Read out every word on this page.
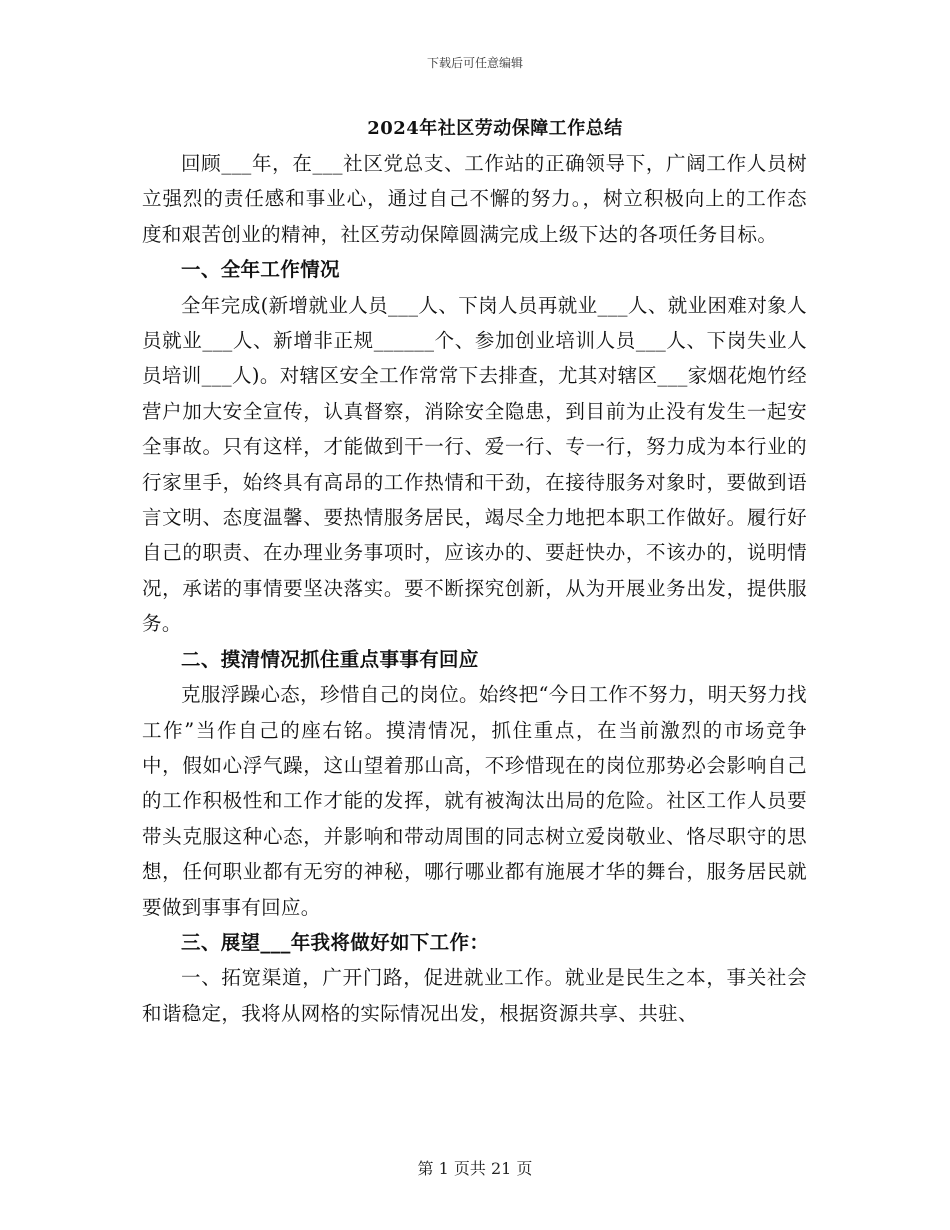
下载后可任意编辑
2024年社区劳动保障工作总结

回顾___年，在___社区党总支、工作站的正确领导下，广阔工作人员树立强烈的责任感和事业心，通过自己不懈的努力。，树立积极向上的工作态度和艰苦创业的精神，社区劳动保障圆满完成上级下达的各项任务目标。

一、全年工作情况

全年完成(新增就业人员___人、下岗人员再就业___人、就业困难对象人员就业___人、新增非正规______个、参加创业培训人员___人、下岗失业人员培训___人)。对辖区安全工作常常下去排查，尤其对辖区___家烟花炮竹经营户加大安全宣传，认真督察，消除安全隐患，到目前为止没有发生一起安全事故。只有这样，才能做到干一行、爱一行、专一行，努力成为本行业的行家里手，始终具有高昂的工作热情和干劲，在接待服务对象时，要做到语言文明、态度温馨、要热情服务居民，竭尽全力地把本职工作做好。履行好自己的职责、在办理业务事项时，应该办的、要赶快办，不该办的，说明情况，承诺的事情要坚决落实。要不断探究创新，从为开展业务出发，提供服务。

二、摸清情况抓住重点事事有回应

克服浮躁心态，珍惜自己的岗位。始终把“今日工作不努力，明天努力找工作”当作自己的座右铭。摸清情况，抓住重点，在当前激烈的市场竞争中，假如心浮气躁，这山望着那山高，不珍惜现在的岗位那势必会影响自己的工作积极性和工作才能的发挥，就有被淘汰出局的危险。社区工作人员要带头克服这种心态，并影响和带动周围的同志树立爱岗敬业、恪尽职守的思想，任何职业都有无穷的神秘，哪行哪业都有施展才华的舞台，服务居民就要做到事事有回应。

三、展望___年我将做好如下工作：

一、拓宽渠道，广开门路，促进就业工作。就业是民生之本，事关社会和谐稳定，我将从网格的实际情况出发，根据资源共享、共驻、

第 1 页共 21 页
